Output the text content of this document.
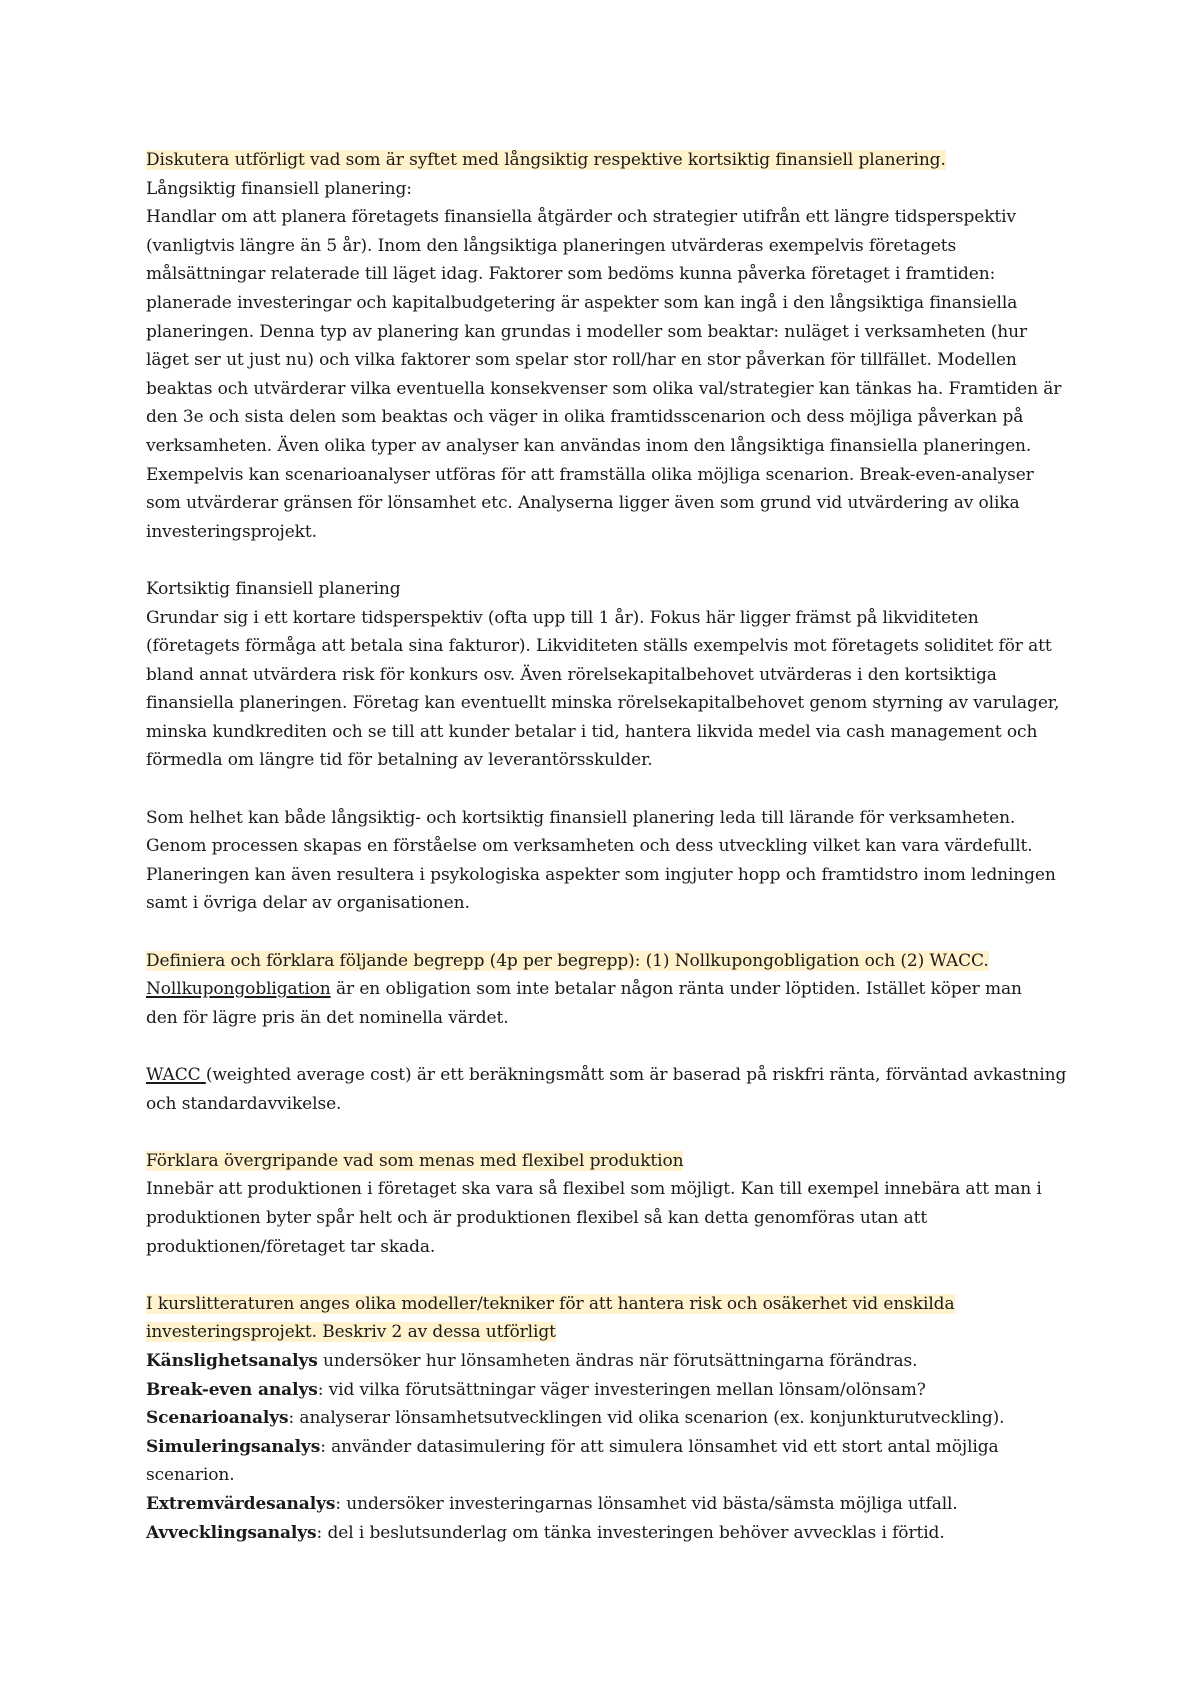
Diskutera utförligt vad som är syftet med långsiktig respektive kortsiktig finansiell planering.
Långsiktig finansiell planering:
Handlar om att planera företagets finansiella åtgärder och strategier utifrån ett längre tidsperspektiv
(vanligtvis längre än 5 år). Inom den långsiktiga planeringen utvärderas exempelvis företagets
målsättningar relaterade till läget idag. Faktorer som bedöms kunna påverka företaget i framtiden:
planerade investeringar och kapitalbudgetering är aspekter som kan ingå i den långsiktiga finansiella
planeringen. Denna typ av planering kan grundas i modeller som beaktar: nuläget i verksamheten (hur
läget ser ut just nu) och vilka faktorer som spelar stor roll/har en stor påverkan för tillfället. Modellen
beaktas och utvärderar vilka eventuella konsekvenser som olika val/strategier kan tänkas ha. Framtiden är
den 3e och sista delen som beaktas och väger in olika framtidsscenarion och dess möjliga påverkan på
verksamheten. Även olika typer av analyser kan användas inom den långsiktiga finansiella planeringen.
Exempelvis kan scenarioanalyser utföras för att framställa olika möjliga scenarion. Break-even-analyser
som utvärderar gränsen för lönsamhet etc. Analyserna ligger även som grund vid utvärdering av olika
investeringsprojekt.
Kortsiktig finansiell planering
Grundar sig i ett kortare tidsperspektiv (ofta upp till 1 år). Fokus här ligger främst på likviditeten
(företagets förmåga att betala sina fakturor). Likviditeten ställs exempelvis mot företagets soliditet för att
bland annat utvärdera risk för konkurs osv. Även rörelsekapitalbehovet utvärderas i den kortsiktiga
finansiella planeringen. Företag kan eventuellt minska rörelsekapitalbehovet genom styrning av varulager,
minska kundkrediten och se till att kunder betalar i tid, hantera likvida medel via cash management och
förmedla om längre tid för betalning av leverantörsskulder.
Som helhet kan både långsiktig- och kortsiktig finansiell planering leda till lärande för verksamheten.
Genom processen skapas en förståelse om verksamheten och dess utveckling vilket kan vara värdefullt.
Planeringen kan även resultera i psykologiska aspekter som ingjuter hopp och framtidstro inom ledningen
samt i övriga delar av organisationen.
Definiera och förklara följande begrepp (4p per begrepp): (1) Nollkupongobligation och (2) WACC.
Nollkupongobligation är en obligation som inte betalar någon ränta under löptiden. Istället köper man
den för lägre pris än det nominella värdet.
WACC (weighted average cost) är ett beräkningsmått som är baserad på riskfri ränta, förväntad avkastning
och standardavvikelse.
Förklara övergripande vad som menas med flexibel produktion
Innebär att produktionen i företaget ska vara så flexibel som möjligt. Kan till exempel innebära att man i
produktionen byter spår helt och är produktionen flexibel så kan detta genomföras utan att
produktionen/företaget tar skada.
I kurslitteraturen anges olika modeller/tekniker för att hantera risk och osäkerhet vid enskilda
investeringsprojekt. Beskriv 2 av dessa utförligt
Känslighetsanalys undersöker hur lönsamheten ändras när förutsättningarna förändras.
Break-even analys: vid vilka förutsättningar väger investeringen mellan lönsam/olönsam?
Scenarioanalys: analyserar lönsamhetsutvecklingen vid olika scenarion (ex. konjunkturutveckling).
Simuleringsanalys: använder datasimulering för att simulera lönsamhet vid ett stort antal möjliga
scenarion.
Extremvärdesanalys: undersöker investeringarnas lönsamhet vid bästa/sämsta möjliga utfall.
Avvecklingsanalys: del i beslutsunderlag om tänka investeringen behöver avvecklas i förtid.
